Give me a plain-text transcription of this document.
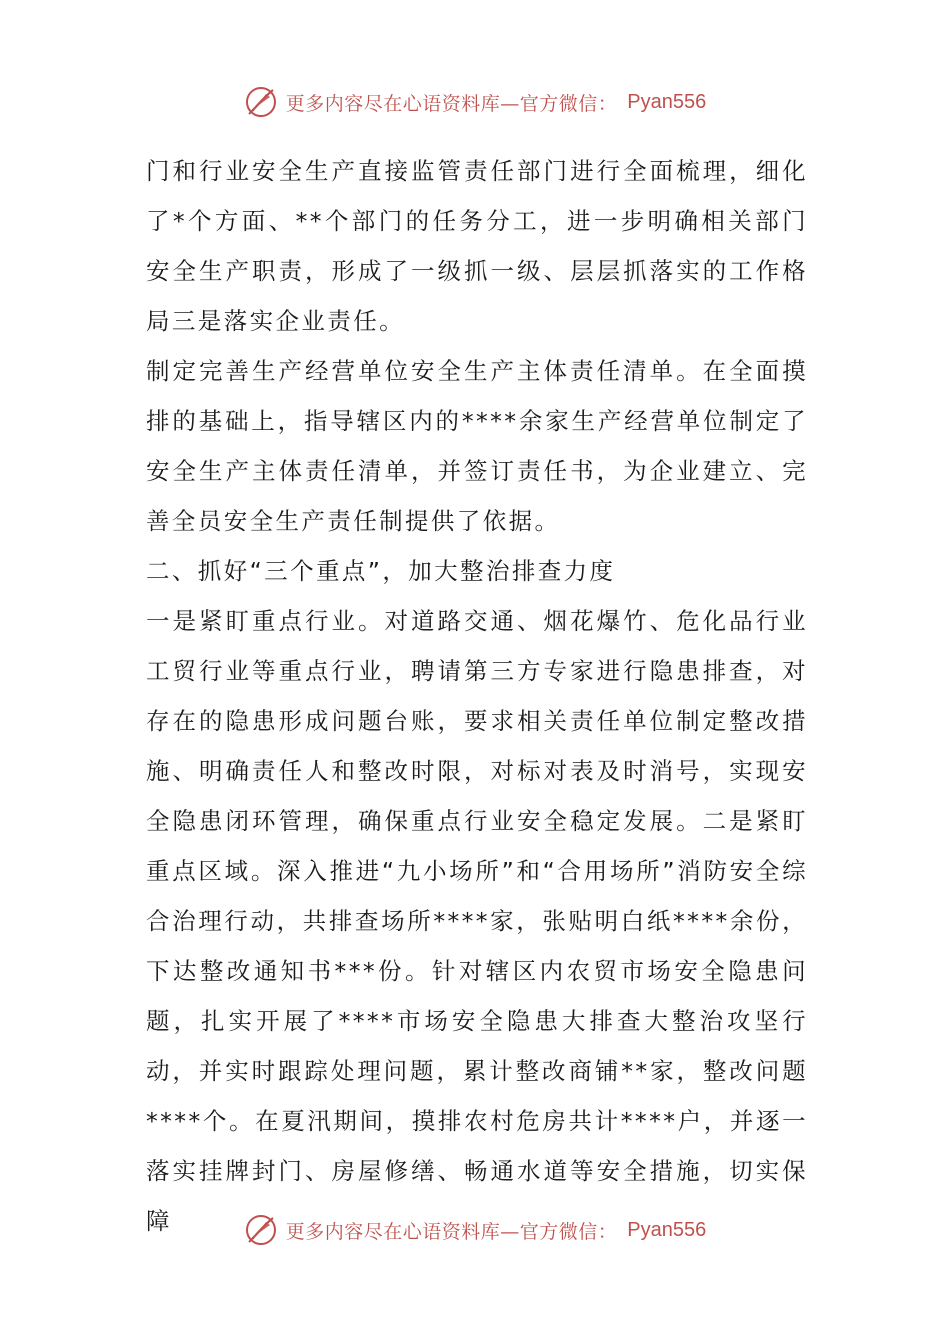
更多内容尽在心语资料库—官方微信： Pyan556

门和行业安全生产直接监管责任部门进行全面梳理，细化了*个方面、**个部门的任务分工，进一步明确相关部门安全生产职责，形成了一级抓一级、层层抓落实的工作格局三是落实企业责任。

制定完善生产经营单位安全生产主体责任清单。在全面摸排的基础上，指导辖区内的****余家生产经营单位制定了安全生产主体责任清单，并签订责任书，为企业建立、完善全员安全生产责任制提供了依据。

二、抓好“三个重点”，加大整治排查力度

一是紧盯重点行业。对道路交通、烟花爆竹、危化品行业工贸行业等重点行业，聘请第三方专家进行隐患排查，对存在的隐患形成问题台账，要求相关责任单位制定整改措施、明确责任人和整改时限，对标对表及时消号，实现安全隐患闭环管理，确保重点行业安全稳定发展。二是紧盯重点区域。深入推进“九小场所”和“合用场所”消防安全综合治理行动，共排查场所****家，张贴明白纸****余份，下达整改通知书***份。针对辖区内农贸市场安全隐患问题，扎实开展了****市场安全隐患大排查大整治攻坚行动，并实时跟踪处理问题，累计整改商铺**家，整改问题****个。在夏汛期间，摸排农村危房共计****户，并逐一落实挂牌封门、房屋修缮、畅通水道等安全措施，切实保障	更多内容尽在心语资料库—官方微信： Pyan556
